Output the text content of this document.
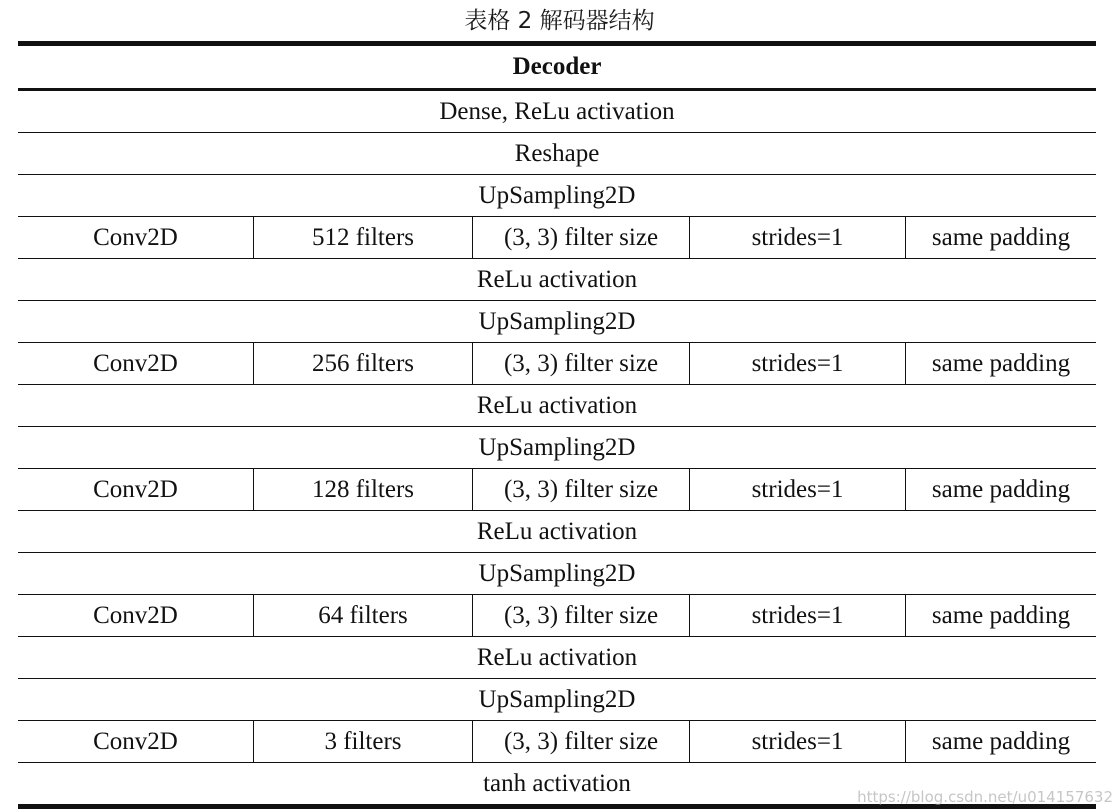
表格 2 解码器结构
Decoder
Dense, ReLu activation
Reshape
UpSampling2D
Conv2D	512 filters	(3, 3) filter size	strides=1	same padding
ReLu activation
UpSampling2D
Conv2D	256 filters	(3, 3) filter size	strides=1	same padding
ReLu activation
UpSampling2D
Conv2D	128 filters	(3, 3) filter size	strides=1	same padding
ReLu activation
UpSampling2D
Conv2D	64 filters	(3, 3) filter size	strides=1	same padding
ReLu activation
UpSampling2D
Conv2D	3 filters	(3, 3) filter size	strides=1	same padding
tanh activation	https://blog.csdn.net/u014157632
